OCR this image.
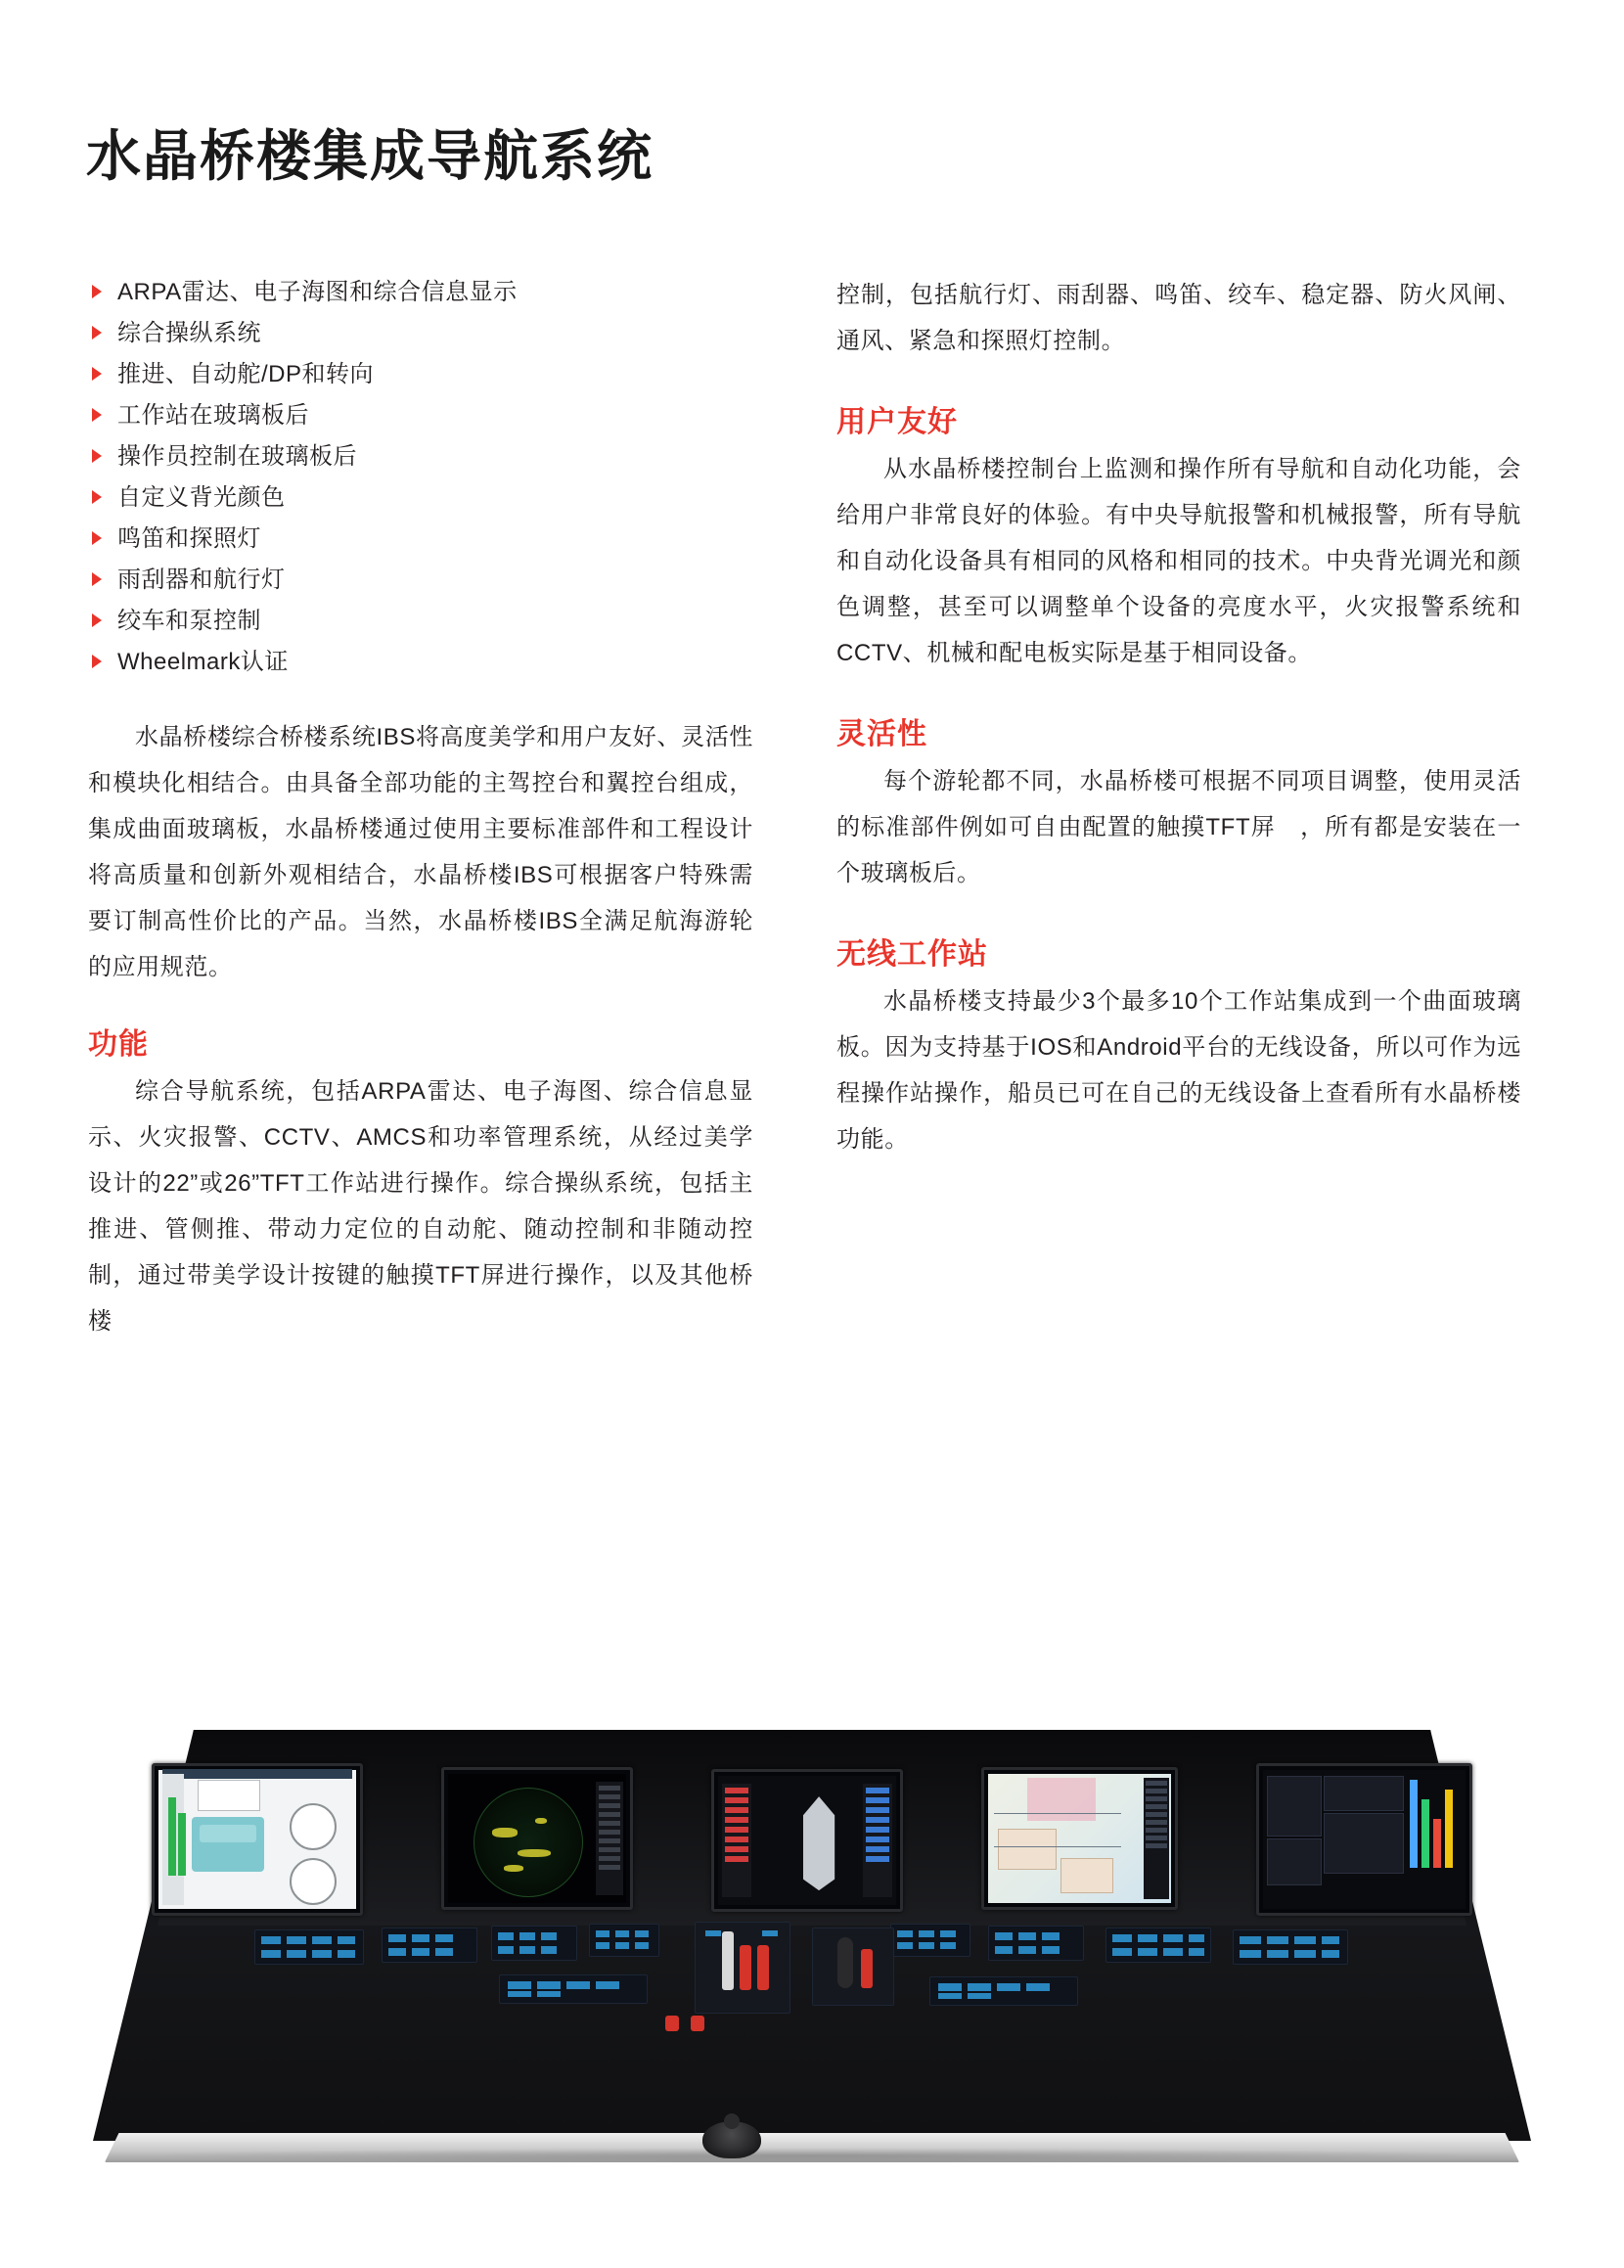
水晶桥楼集成导航系统
ARPA雷达、电子海图和综合信息显示
综合操纵系统
推进、自动舵/DP和转向
工作站在玻璃板后
操作员控制在玻璃板后
自定义背光颜色
鸣笛和探照灯
雨刮器和航行灯
绞车和泵控制
Wheelmark认证

水晶桥楼综合桥楼系统IBS将高度美学和用户友好、灵活性和模块化相结合。由具备全部功能的主驾控台和翼控台组成，集成曲面玻璃板，水晶桥楼通过使用主要标准部件和工程设计将高质量和创新外观相结合，水晶桥楼IBS可根据客户特殊需要订制高性价比的产品。当然，水晶桥楼IBS全满足航海游轮的应用规范。

功能

综合导航系统，包括ARPA雷达、电子海图、综合信息显示、火灾报警、CCTV、AMCS和功率管理系统，从经过美学设计的22”或26”TFT工作站进行操作。综合操纵系统，包括主推进、管侧推、带动力定位的自动舵、随动控制和非随动控制，通过带美学设计按键的触摸TFT屏进行操作，以及其他桥楼

控制，包括航行灯、雨刮器、鸣笛、绞车、稳定器、防火风闸、通风、紧急和探照灯控制。

用户友好

从水晶桥楼控制台上监测和操作所有导航和自动化功能，会给用户非常良好的体验。有中央导航报警和机械报警，所有导航和自动化设备具有相同的风格和相同的技术。中央背光调光和颜色调整，甚至可以调整单个设备的亮度水平，火灾报警系统和CCTV、机械和配电板实际是基于相同设备。

灵活性

每个游轮都不同，水晶桥楼可根据不同项目调整，使用灵活的标准部件例如可自由配置的触摸TFT屏　，所有都是安装在一个玻璃板后。

无线工作站

水晶桥楼支持最少3个最多10个工作站集成到一个曲面玻璃板。因为支持基于IOS和Android平台的无线设备，所以可作为远程操作站操作，船员已可在自己的无线设备上查看所有水晶桥楼功能。
